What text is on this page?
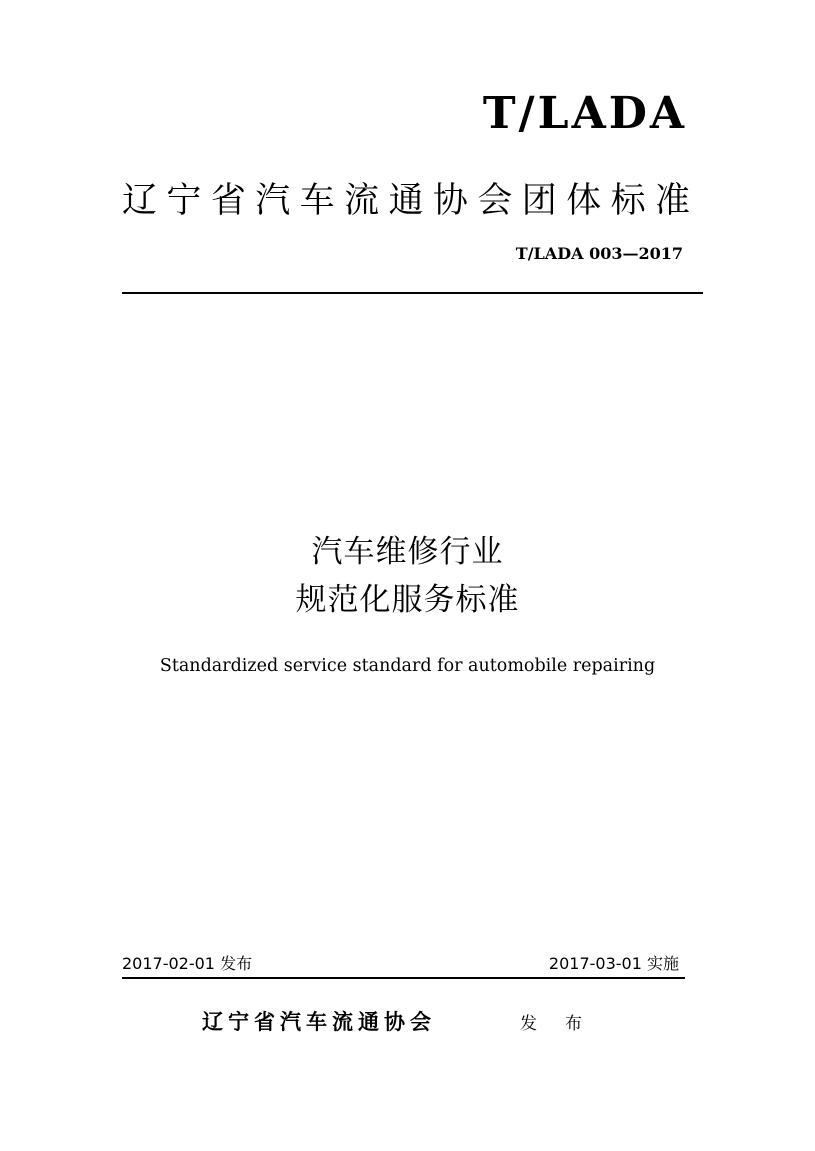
T/LADA
辽宁省汽车流通协会团体标准
T/LADA 003—2017
汽车维修行业
规范化服务标准
Standardized service standard for automobile repairing
2017-02-01 发布	2017-03-01 实施
辽宁省汽车流通协会	发布
